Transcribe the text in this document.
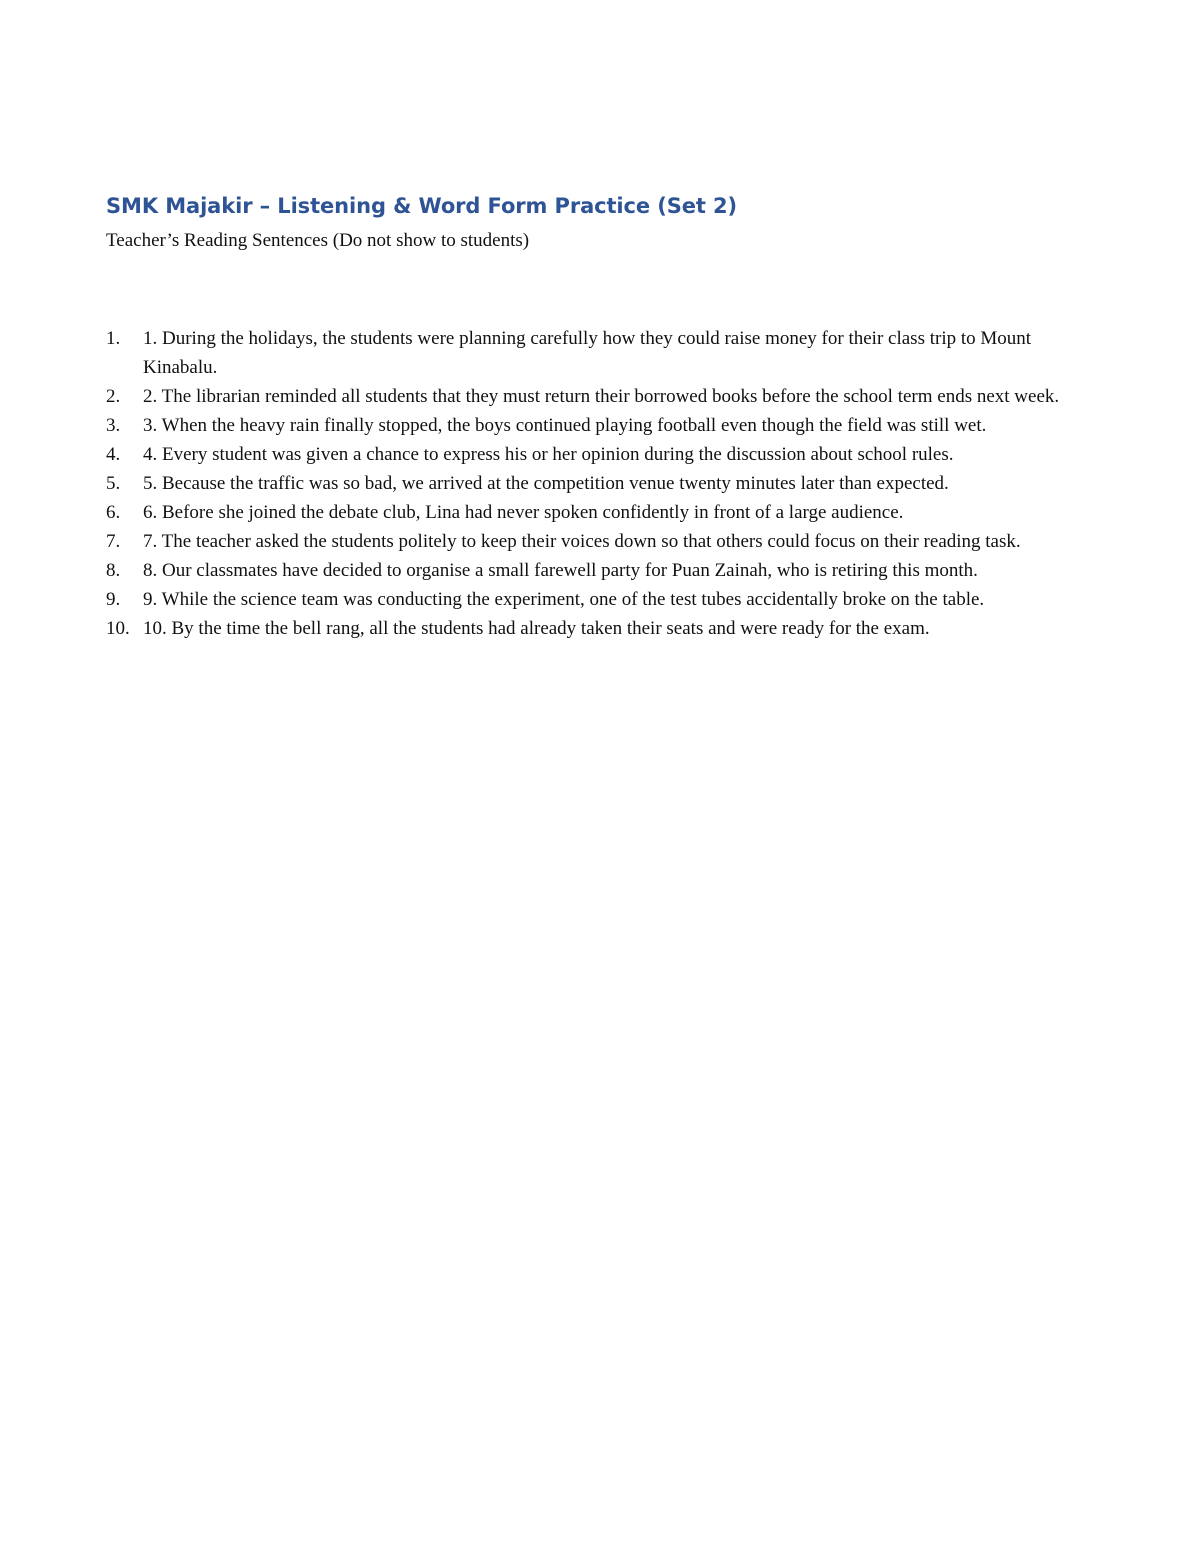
SMK Majakir – Listening & Word Form Practice (Set 2)

Teacher’s Reading Sentences (Do not show to students)

1.	1. During the holidays, the students were planning carefully how they could raise money for their class trip to Mount Kinabalu.
2.	2. The librarian reminded all students that they must return their borrowed books before the school term ends next week.
3.	3. When the heavy rain finally stopped, the boys continued playing football even though the field was still wet.
4.	4. Every student was given a chance to express his or her opinion during the discussion about school rules.
5.	5. Because the traffic was so bad, we arrived at the competition venue twenty minutes later than expected.
6.	6. Before she joined the debate club, Lina had never spoken confidently in front of a large audience.
7.	7. The teacher asked the students politely to keep their voices down so that others could focus on their reading task.
8.	8. Our classmates have decided to organise a small farewell party for Puan Zainah, who is retiring this month.
9.	9. While the science team was conducting the experiment, one of the test tubes accidentally broke on the table.
10. 10. By the time the bell rang, all the students had already taken their seats and were ready for the exam.
